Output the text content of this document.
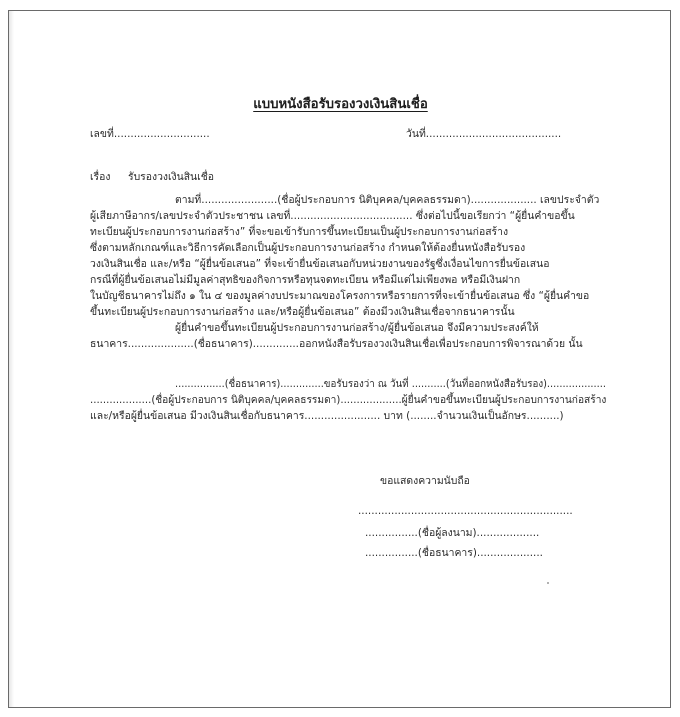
แบบหนังสือรับรองวงเงินสินเชื่อ
เลขที่.............................	วันที่.........................................
เรื่อง รับรองวงเงินสินเชื่อ
ตามที่.......................(ชื่อผู้ประกอบการ นิติบุคคล/บุคคลธรรมดา).................... เลขประจำตัว
ผู้เสียภาษีอากร/เลขประจำตัวประชาชน เลขที่..................................... ซึ่งต่อไปนี้ขอเรียกว่า “ผู้ยื่นคำขอขึ้น
ทะเบียนผู้ประกอบการงานก่อสร้าง” ที่จะขอเข้ารับการขึ้นทะเบียนเป็นผู้ประกอบการงานก่อสร้าง
ซึ่งตามหลักเกณฑ์และวิธีการคัดเลือกเป็นผู้ประกอบการงานก่อสร้าง กำหนดให้ต้องยื่นหนังสือรับรอง
วงเงินสินเชื่อ และ/หรือ “ผู้ยื่นข้อเสนอ” ที่จะเข้ายื่นข้อเสนอกับหน่วยงานของรัฐซึ่งเงื่อนไขการยื่นข้อเสนอ
กรณีที่ผู้ยื่นข้อเสนอไม่มีมูลค่าสุทธิของกิจการหรือทุนจดทะเบียน หรือมีแต่ไม่เพียงพอ หรือมีเงินฝาก
ในบัญชีธนาคารไม่ถึง ๑ ใน ๔ ของมูลค่างบประมาณของโครงการหรือรายการที่จะเข้ายื่นข้อเสนอ ซึ่ง “ผู้ยื่นคำขอ
ขึ้นทะเบียนผู้ประกอบการงานก่อสร้าง และ/หรือผู้ยื่นข้อเสนอ” ต้องมีวงเงินสินเชื่อจากธนาคารนั้น
ผู้ยื่นคำขอขึ้นทะเบียนผู้ประกอบการงานก่อสร้าง/ผู้ยื่นข้อเสนอ จึงมีความประสงค์ให้
ธนาคาร....................(ชื่อธนาคาร)..............ออกหนังสือรับรองวงเงินสินเชื่อเพื่อประกอบการพิจารณาด้วย นั้น
................(ชื่อธนาคาร)..............ขอรับรองว่า ณ วันที่ ...........(วันที่ออกหนังสือรับรอง)...................
...................(ชื่อผู้ประกอบการ นิติบุคคล/บุคคลธรรมดา)...................ผู้ยื่นคำขอขึ้นทะเบียนผู้ประกอบการงานก่อสร้าง
และ/หรือผู้ยื่นข้อเสนอ มีวงเงินสินเชื่อกับธนาคาร....................... บาท (........จำนวนเงินเป็นอักษร..........)
ขอแสดงความนับถือ
.................................................................
................(ชื่อผู้ลงนาม)...................
................(ชื่อธนาคาร)....................
